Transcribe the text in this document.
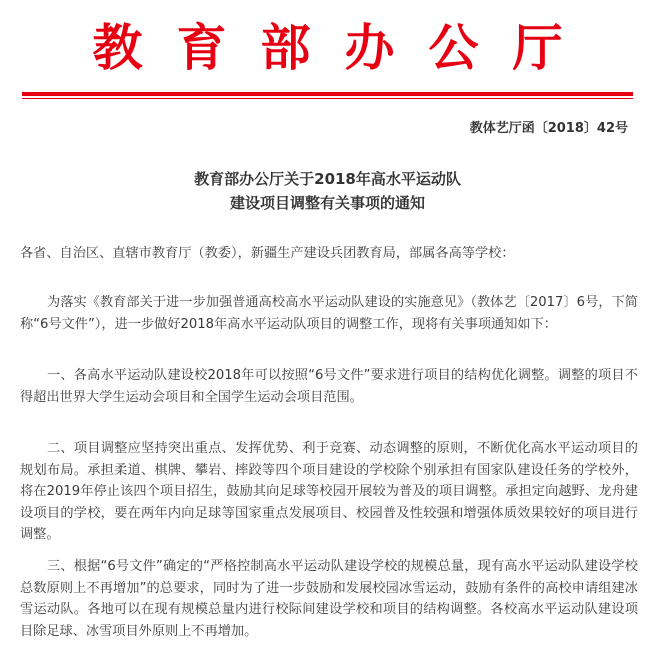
教育部办公厅
教体艺厅函〔2018〕42号
教育部办公厅关于2018年高水平运动队
建设项目调整有关事项的通知
各省、自治区、直辖市教育厅（教委），新疆生产建设兵团教育局，部属各高等学校：
为落实《教育部关于进一步加强普通高校高水平运动队建设的实施意见》（教体艺〔2017〕6号，下简称“6号文件”），进一步做好2018年高水平运动队项目的调整工作，现将有关事项通知如下：
一、各高水平运动队建设校2018年可以按照“6号文件”要求进行项目的结构优化调整。调整的项目不得超出世界大学生运动会项目和全国学生运动会项目范围。
二、项目调整应坚持突出重点、发挥优势、利于竞赛、动态调整的原则，不断优化高水平运动项目的规划布局。承担柔道、棋牌、攀岩、摔跤等四个项目建设的学校除个别承担有国家队建设任务的学校外，将在2019年停止该四个项目招生，鼓励其向足球等校园开展较为普及的项目调整。承担定向越野、龙舟建设项目的学校，要在两年内向足球等国家重点发展项目、校园普及性较强和增强体质效果较好的项目进行调整。
三、根据“6号文件”确定的“严格控制高水平运动队建设学校的规模总量，现有高水平运动队建设学校总数原则上不再增加”的总要求，同时为了进一步鼓励和发展校园冰雪运动，鼓励有条件的高校申请组建冰雪运动队。各地可以在现有规模总量内进行校际间建设学校和项目的结构调整。各校高水平运动队建设项目除足球、冰雪项目外原则上不再增加。
